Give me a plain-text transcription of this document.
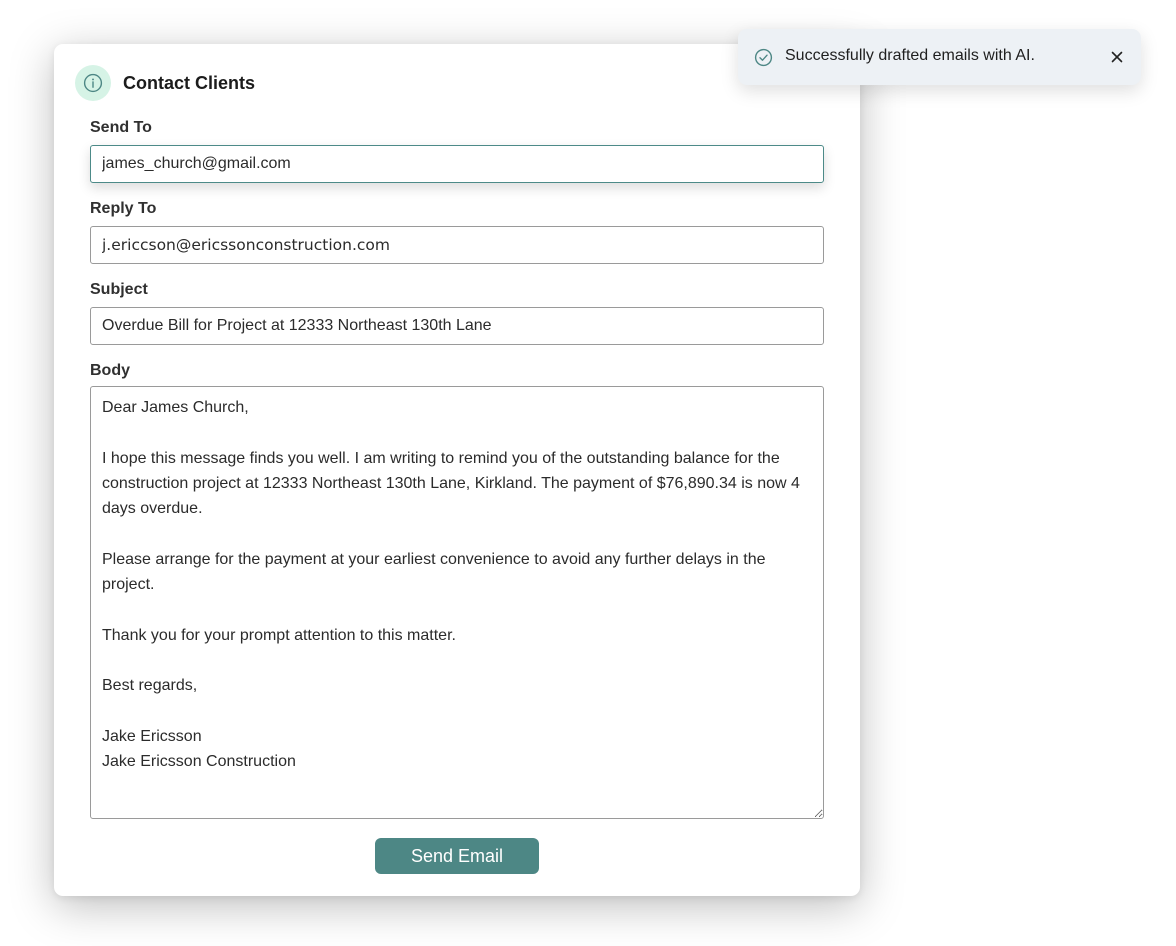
Contact Clients
Send To
james_church@gmail.com
Reply To
j.ericcson@ericssonconstruction.com
Subject
Overdue Bill for Project at 12333 Northeast 130th Lane
Body
Dear James Church, I hope this message finds you well. I am writing to remind you of the outstanding balance for the construction project at 12333 Northeast 130th Lane, Kirkland. The payment of $76,890.34 is now 4 days overdue. Please arrange for the payment at your earliest convenience to avoid any further delays in the project. Thank you for your prompt attention to this matter. Best regards, Jake Ericsson Jake Ericsson Construction
Send Email
Successfully drafted emails with AI.
